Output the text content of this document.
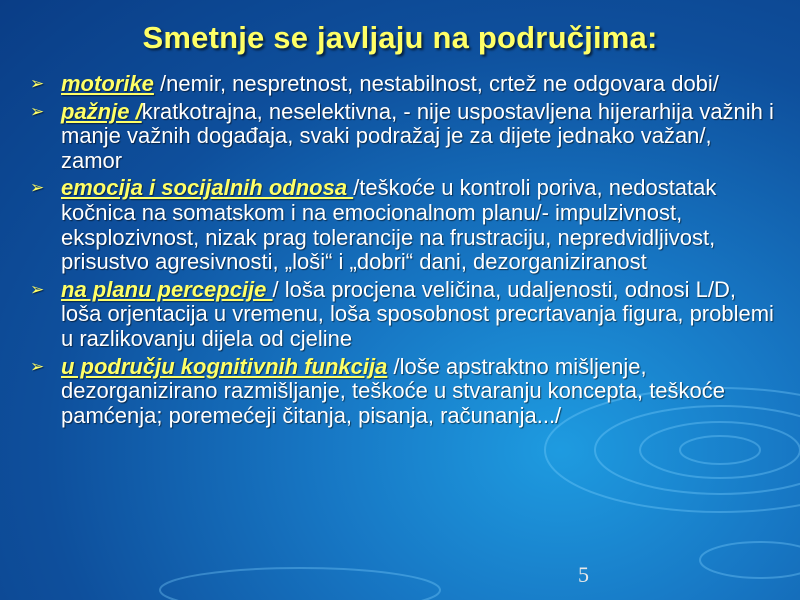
Smetnje se javljaju na područjima:
➢ motorike /nemir, nespretnost, nestabilnost, crtež ne odgovara dobi/
➢ pažnje /kratkotrajna, neselektivna, - nije uspostavljena hijerarhija važnih i manje važnih događaja, svaki podražaj je za dijete jednako važan/, zamor
➢ emocija i socijalnih odnosa /teškoće u kontroli poriva, nedostatak kočnica na somatskom i na emocionalnom planu/- impulzivnost, eksplozivnost, nizak prag tolerancije na frustraciju, nepredvidljivost, prisustvo agresivnosti, „loši“ i „dobri“ dani, dezorganiziranost
➢ na planu percepcije / loša procjena veličina, udaljenosti, odnosi L/D, loša orjentacija u vremenu, loša sposobnost precrtavanja figura, problemi u razlikovanju dijela od cjeline
➢ u području kognitivnih funkcija /loše apstraktno mišljenje, dezorganizirano razmišljanje, teškoće u stvaranju koncepta, teškoće pamćenja; poremećeji čitanja, pisanja, računanja.../
5
